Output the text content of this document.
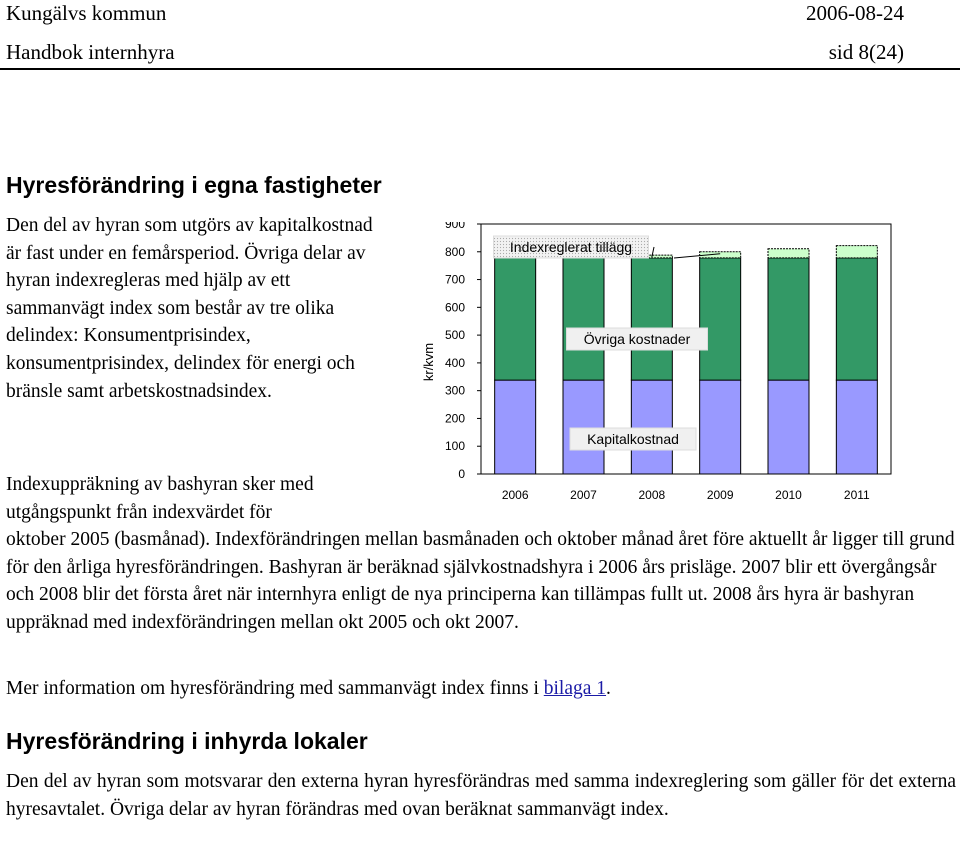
Kungälvs kommun	2006-08-24
Handbok internhyra	sid 8(24)
Hyresförändring i egna fastigheter

Den del av hyran som utgörs av kapitalkostnad är fast under en femårsperiod. Övriga delar av hyran indexregleras med hjälp av ett sammanvägt index som består av tre olika delindex: Konsumentprisindex, konsumentprisindex, delindex för energi och bränsle samt arbetskostnadsindex.

Indexuppräkning av bashyran sker med utgångspunkt från indexvärdet för

oktober 2005 (basmånad). Indexförändringen mellan basmånaden och oktober månad året före aktuellt år ligger till grund för den årliga hyresförändringen. Bashyran är beräknad självkostnadshyra i 2006 års prisläge. 2007 blir ett övergångsår och 2008 blir det första året när internhyra enligt de nya principerna kan tillämpas fullt ut. 2008 års hyra är bashyran uppräknad med indexförändringen mellan okt 2005 och okt 2007.

Mer information om hyresförändring med sammanvägt index finns i bilaga 1.

Hyresförändring i inhyrda lokaler

Den del av hyran som motsvarar den externa hyran hyresförändras med samma indexreglering som gäller för det externa hyresavtalet. Övriga delar av hyran förändras med ovan beräknat sammanvägt index.

kr/kvm
0
100
200
300
400
500
600
700
800
900
2006	2007	2008	2009	2010	2011
Indexreglerat tillägg
Övriga kostnader
Kapitalkostnad
